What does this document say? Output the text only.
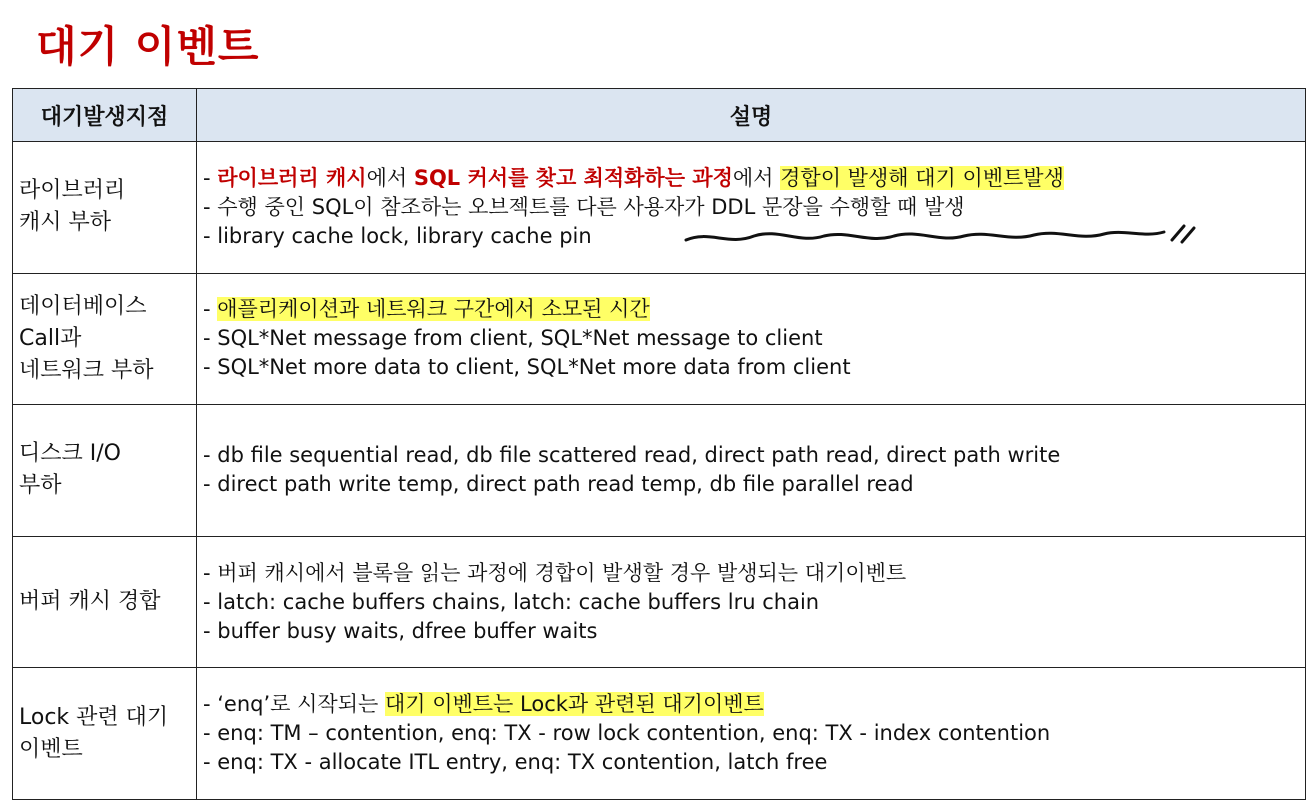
대기 이벤트
대기발생지점	설명

라이브러리
캐시 부하	- 라이브러리 캐시에서 SQL 커서를 찾고 최적화하는 과정에서 경합이 발생해 대기 이벤트발생
- 수행 중인 SQL이 참조하는 오브젝트를 다른 사용자가 DDL 문장을 수행할 때 발생
- library cache lock, library cache pin

데이터베이스
Call과
네트워크 부하	- 애플리케이션과 네트워크 구간에서 소모된 시간
- SQL*Net message from client, SQL*Net message to client
- SQL*Net more data to client, SQL*Net more data from client

디스크 I/O
부하	- db file sequential read, db file scattered read, direct path read, direct path write
- direct path write temp, direct path read temp, db file parallel read

버퍼 캐시 경합	- 버퍼 캐시에서 블록을 읽는 과정에 경합이 발생할 경우 발생되는 대기이벤트
- latch: cache buffers chains, latch: cache buffers lru chain
- buffer busy waits, dfree buffer waits

Lock 관련 대기
이벤트	- ‘enq’로 시작되는 대기 이벤트는 Lock과 관련된 대기이벤트
- enq: TM – contention, enq: TX - row lock contention, enq: TX - index contention
- enq: TX - allocate ITL entry, enq: TX contention, latch free
